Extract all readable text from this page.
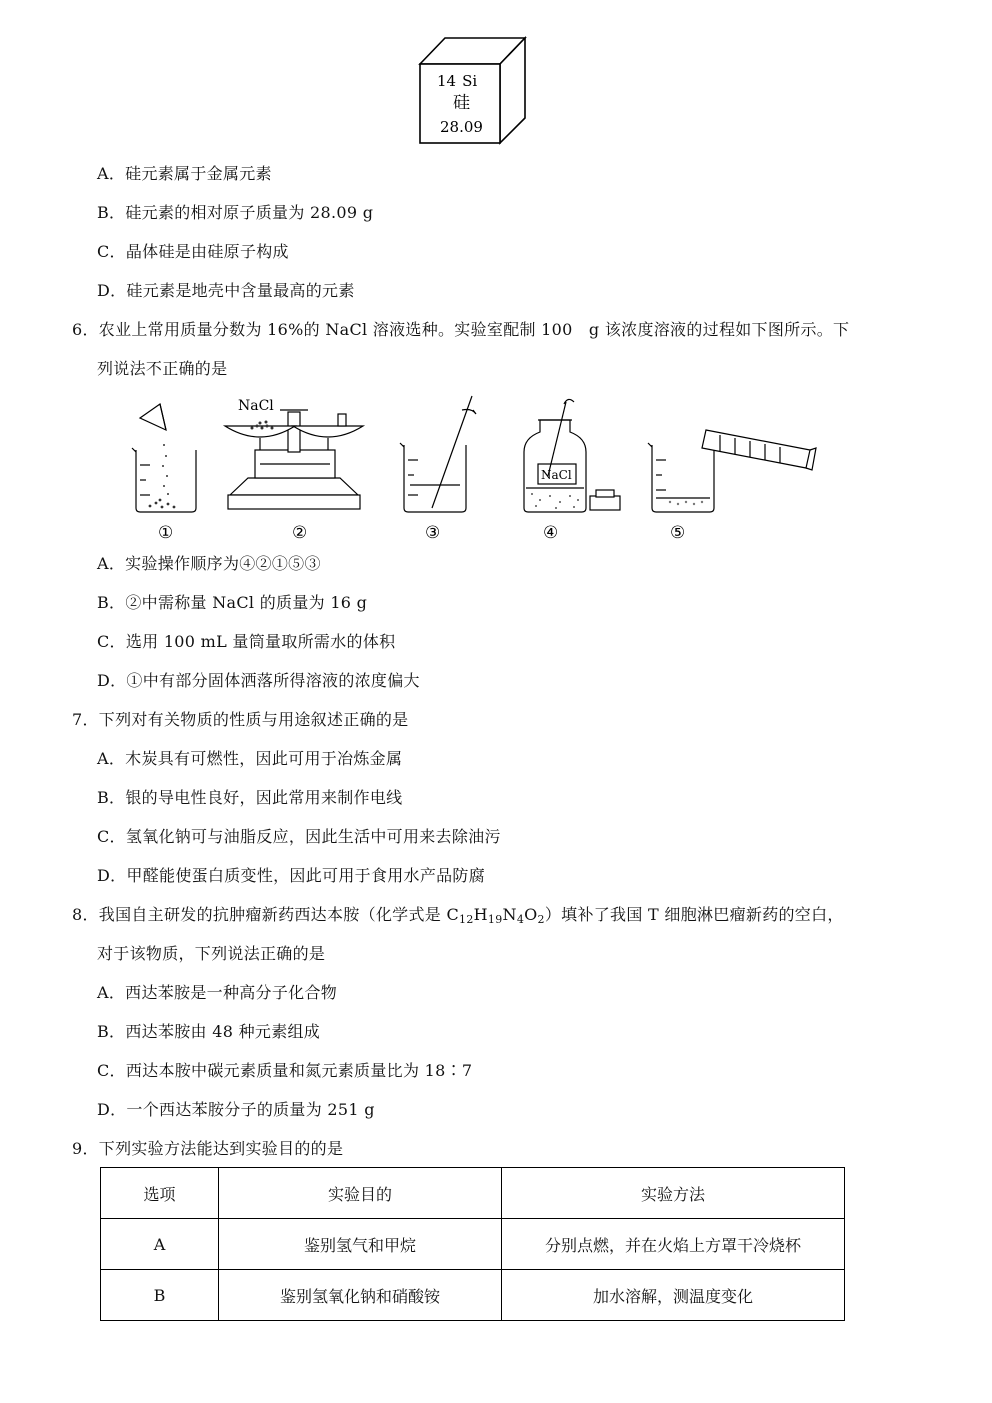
14 Si
硅
28.09
A．硅元素属于金属元素
B．硅元素的相对原子质量为 28.09 g
C．晶体硅是由硅原子构成
D．硅元素是地壳中含量最高的元素
6．农业上常用质量分数为 16%的 NaCl 溶液选种。实验室配制 100　g 该浓度溶液的过程如下图所示。下
列说法不正确的是
NaCl
NaCl
①	②	③	④	⑤
A．实验操作顺序为④②①⑤③
B．②中需称量 NaCl 的质量为 16 g
C．选用 100 mL 量筒量取所需水的体积
D．①中有部分固体洒落所得溶液的浓度偏大
7．下列对有关物质的性质与用途叙述正确的是
A．木炭具有可燃性，因此可用于冶炼金属
B．银的导电性良好，因此常用来制作电线
C．氢氧化钠可与油脂反应，因此生活中可用来去除油污
D．甲醛能使蛋白质变性，因此可用于食用水产品防腐
8．我国自主研发的抗肿瘤新药西达本胺（化学式是 $C_{12}H_{19}N_4O_2$）填补了我国 T 细胞淋巴瘤新药的空白，
对于该物质，下列说法正确的是
A．西达苯胺是一种高分子化合物
B．西达苯胺由 48 种元素组成
C．西达本胺中碳元素质量和氮元素质量比为 18∶7
D．一个西达苯胺分子的质量为 251 g
9．下列实验方法能达到实验目的的是
选项	实验目的	实验方法
A	鉴别氢气和甲烷	分别点燃，并在火焰上方罩干冷烧杯
B	鉴别氢氧化钠和硝酸铵	加水溶解，测温度变化
